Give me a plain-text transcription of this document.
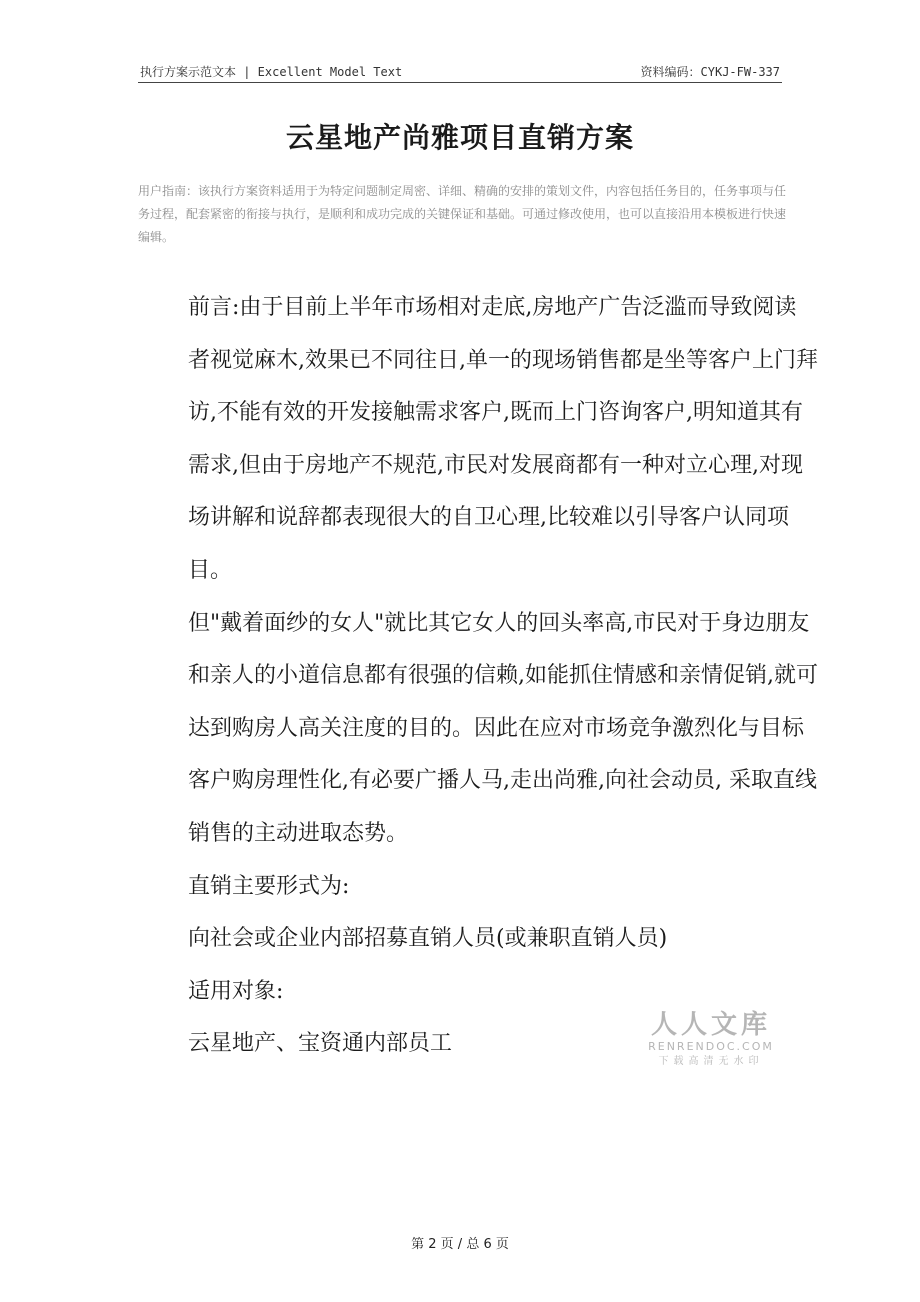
执行方案示范文本 | Excellent Model Text	资料编码：CYKJ-FW-337
云星地产尚雅项目直销方案
用户指南：该执行方案资料适用于为特定问题制定周密、详细、精确的安排的策划文件，内容包括任务目的，任务事项与任务过程，配套紧密的衔接与执行，是顺利和成功完成的关键保证和基础。可通过修改使用，也可以直接沿用本模板进行快速编辑。

前言:由于目前上半年市场相对走底,房地产广告泛滥而导致阅读者视觉麻木,效果已不同往日,单一的现场销售都是坐等客户上门拜访,不能有效的开发接触需求客户,既而上门咨询客户,明知道其有需求,但由于房地产不规范,市民对发展商都有一种对立心理,对现场讲解和说辞都表现很大的自卫心理,比较难以引导客户认同项目。

但"戴着面纱的女人"就比其它女人的回头率高,市民对于身边朋友和亲人的小道信息都有很强的信赖,如能抓住情感和亲情促销,就可达到购房人高关注度的目的。因此在应对市场竞争激烈化与目标客户购房理性化,有必要广播人马,走出尚雅,向社会动员, 采取直线销售的主动进取态势。

直销主要形式为:

向社会或企业内部招募直销人员(或兼职直销人员)

适用对象:

云星地产、宝资通内部员工

人人文库
RENRENDOC.COM
下载高清无水印
第 2 页 / 总 6 页
